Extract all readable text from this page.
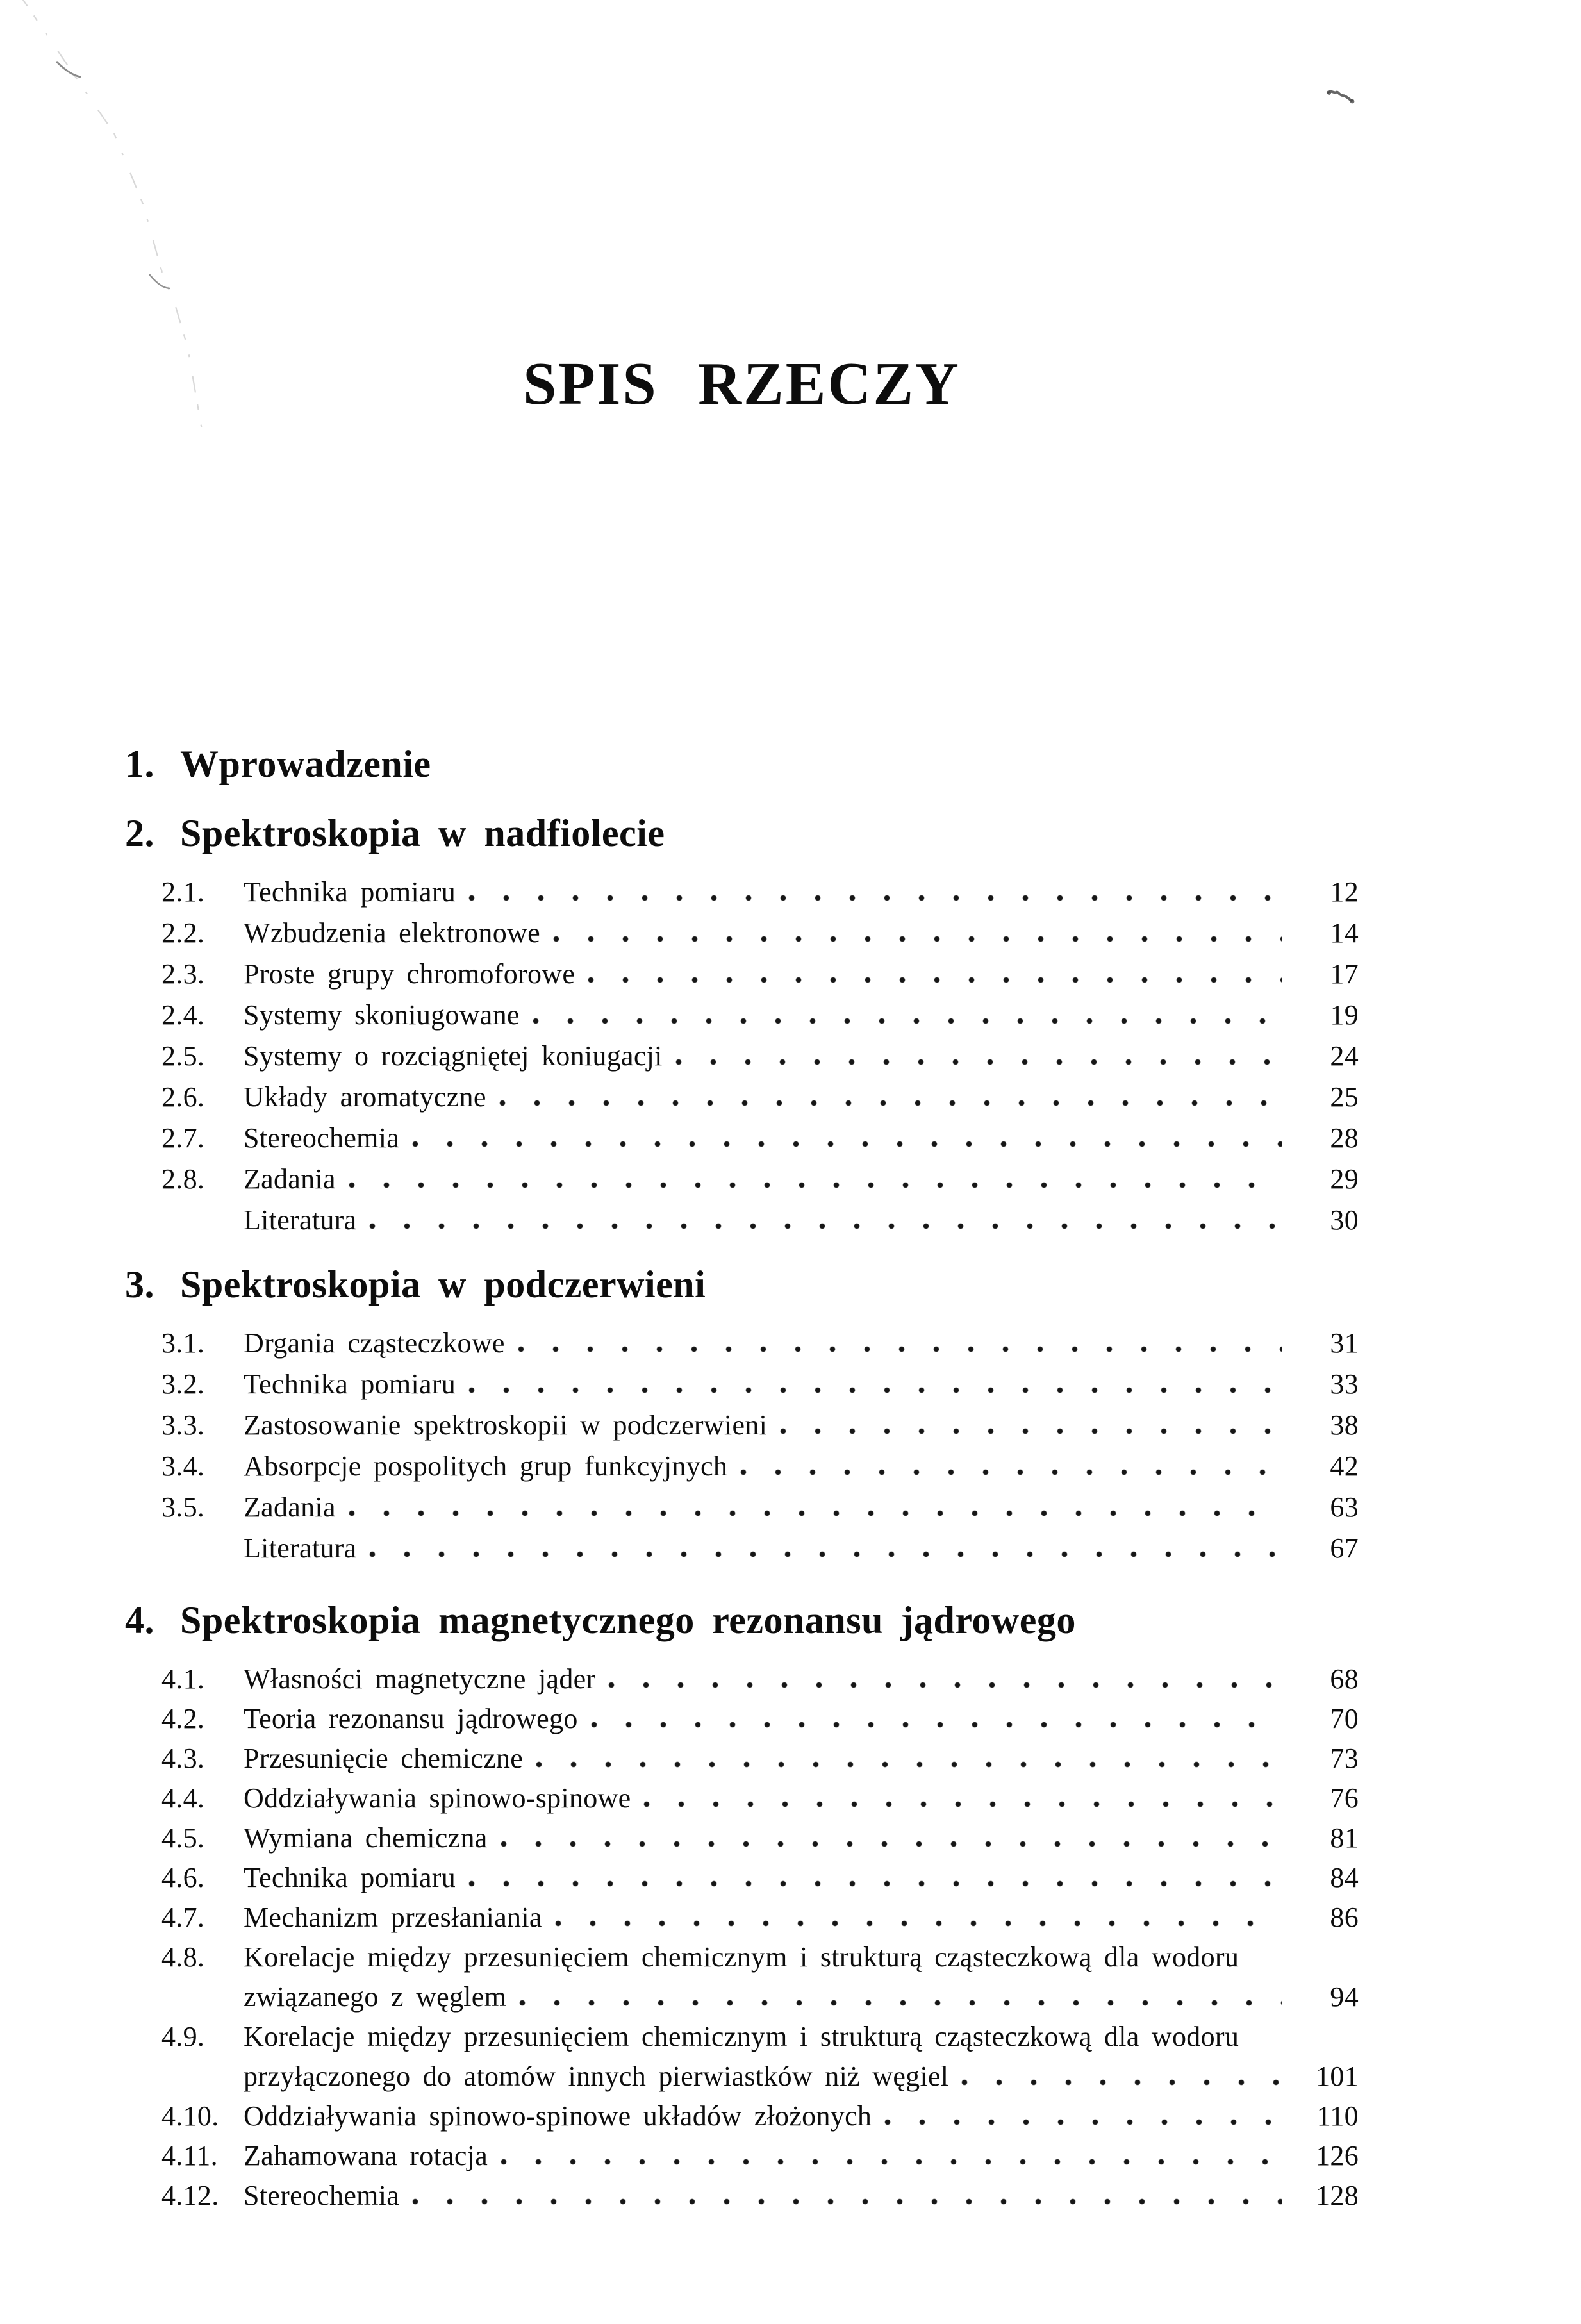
SPIS RZECZY
1. Wprowadzenie
2. Spektroskopia w nadfiolecie
2.1.	Technika pomiaru	12
2.2.	Wzbudzenia elektronowe	14
2.3.	Proste grupy chromoforowe	17
2.4.	Systemy skoniugowane	19
2.5.	Systemy o rozciągniętej koniugacji	24
2.6.	Układy aromatyczne	25
2.7.	Stereochemia	28
2.8.	Zadania	29
Literatura	30
3. Spektroskopia w podczerwieni
3.1.	Drgania cząsteczkowe	31
3.2.	Technika pomiaru	33
3.3.	Zastosowanie spektroskopii w podczerwieni	38
3.4.	Absorpcje pospolitych grup funkcyjnych	42
3.5.	Zadania	63
Literatura	67
4. Spektroskopia magnetycznego rezonansu jądrowego
4.1.	Własności magnetyczne jąder	68
4.2.	Teoria rezonansu jądrowego	70
4.3.	Przesunięcie chemiczne	73
4.4.	Oddziaływania spinowo-spinowe	76
4.5.	Wymiana chemiczna	81
4.6.	Technika pomiaru	84
4.7.	Mechanizm przesłaniania	86
4.8.	Korelacje między przesunięciem chemicznym i strukturą cząsteczkową dla wodoru
związanego z węglem	94
4.9.	Korelacje między przesunięciem chemicznym i strukturą cząsteczkową dla wodoru
przyłączonego do atomów innych pierwiastków niż węgiel	101
4.10. Oddziaływania spinowo-spinowe układów złożonych	110
4.11. Zahamowana rotacja	126
4.12. Stereochemia	128
